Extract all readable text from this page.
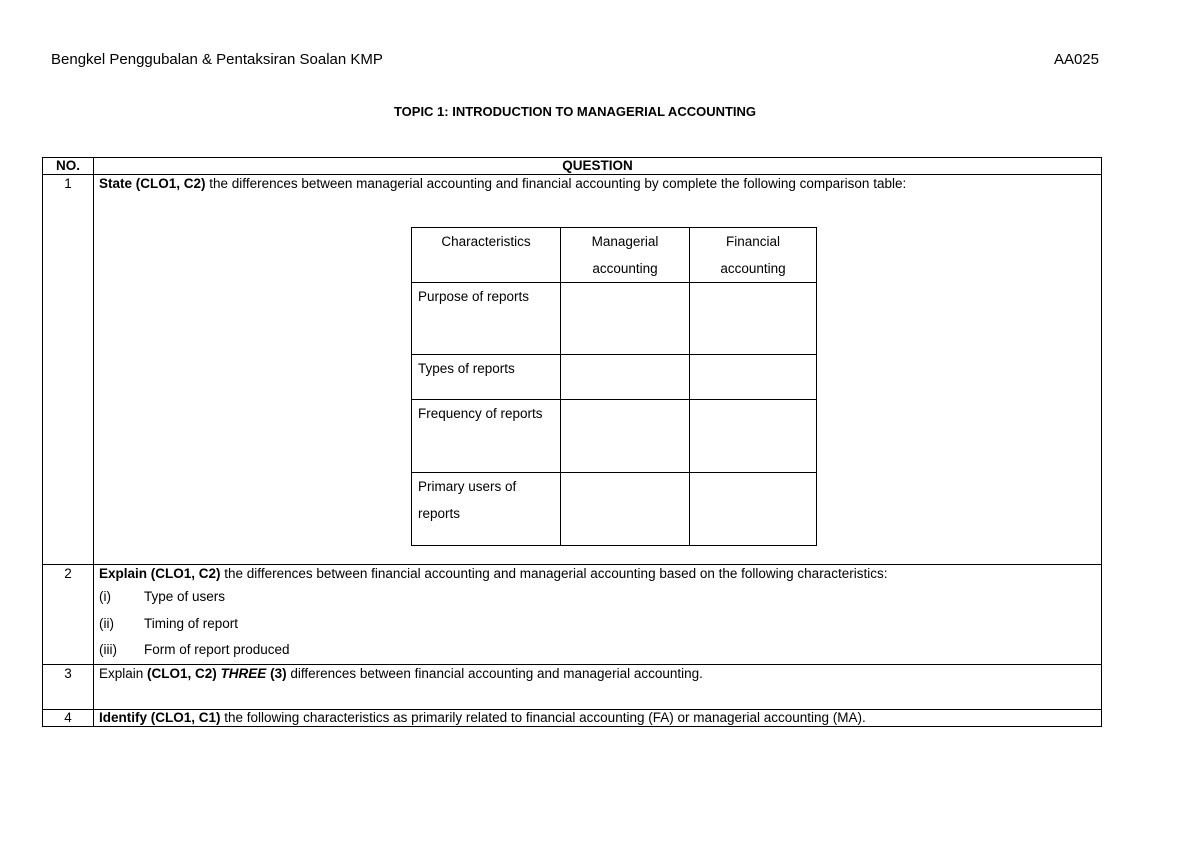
Bengkel Penggubalan & Pentaksiran Soalan KMP	AA025
TOPIC 1: INTRODUCTION TO MANAGERIAL ACCOUNTING
NO.	QUESTION
1	State (CLO1, C2) the differences between managerial accounting and financial accounting by complete the following comparison table:
Characteristics	Managerial accounting	Financial accounting
Purpose of reports		
Types of reports		
Frequency of reports		
Primary users of reports		

2	Explain (CLO1, C2) the differences between financial accounting and managerial accounting based on the following characteristics:
(i) Type of users
(ii) Timing of report
(iii) Form of report produced

3	Explain (CLO1, C2) THREE (3) differences between financial accounting and managerial accounting.
4	Identify (CLO1, C1) the following characteristics as primarily related to financial accounting (FA) or managerial accounting (MA).
